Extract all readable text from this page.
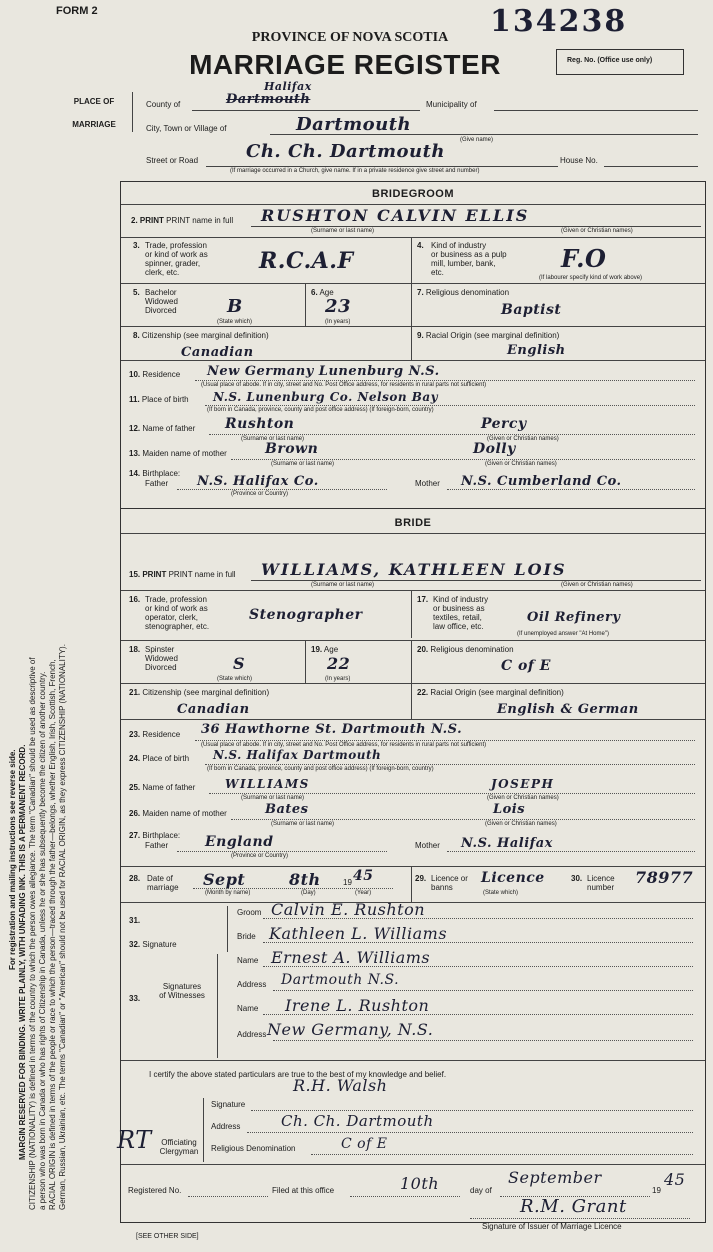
FORM 2	134238
PROVINCE OF NOVA SCOTIA
MARRIAGE REGISTER	Reg. No. (Office use only)
PLACE OF
MARRIAGE
County of	Dartmouth
Halifax
Municipality of
City, Town or Village of	Dartmouth
(Give name)
Street or Road	Ch. Ch. Dartmouth	House No.
(If marriage occurred in a Church, give name. If in a private residence give street and number)
For registration and mailing instructions see reverse side. MARGIN RESERVED FOR BINDING. WRITE PLAINLY, WITH UNFADING INK. THIS IS A PERMANENT RECORD. CITIZENSHIP (NATIONALITY) is defined in terms of the country to which the person owes allegiance. The term "Canadian" should be used as descriptive of a person who was born in Canada or who has rights of Citizenship in Canada, unless he or she has subsequently become the citizen of another country. RACIAL ORIGIN is defined in terms of the people or race to which the person—traced through the father—belongs, whether English, Irish, Scottish, French, German, Russian, Ukrainian, etc. The terms "Canadian" or "American" should not be used for RACIAL ORIGIN, as they express CITIZENSHIP (NATIONALITY).
BRIDEGROOM
2. PRINT PRINT name in full RUSHTON CALVIN ELLIS
(Surname or last name)	(Given or Christian names)
3. Trade, profession
or kind of work as
spinner, grader,
clerk, etc.	R.C.A.F
4. Kind of industry
or business as a pulp
mill, lumber, bank,
etc.	F.O
(If labourer specify kind of work above)
5. Bachelor
Widowed
Divorced	B
(State which)
6. Age
23
(In years)
7. Religious denomination
Baptist
8. Citizenship (see marginal definition)
Canadian
9. Racial Origin (see marginal definition)
English
10. Residence New Germany Lunenburg N.S.
(Usual place of abode. If in city, street and No. Post Office address, for residents in rural parts not sufficient)
11. Place of birth N.S. Lunenburg Co. Nelson Bay
(If born in Canada, province, county and post office address) (If foreign-born, country)
12. Name of father Rushton	Percy
(Surname or last name)	(Given or Christian names)
13. Maiden name of mother	Brown	Dolly
(Surname or last name)	(Given or Christian names)
14. Birthplace:
Father N.S. Halifax Co.	Mother N.S. Cumberland Co.
(Province or Country)
BRIDE
15. PRINT PRINT name in full WILLIAMS, KATHLEEN LOIS
(Surname or last name)	(Given or Christian names)
16. Trade, profession
or kind of work as
operator, clerk,
stenographer, etc.
Stenographer
17. Kind of industry
or business as
textiles, retail,
law office, etc.
Oil Refinery
(If unemployed answer "At Home")
18. Spinster
Widowed
Divorced	S
(State which)
19. Age
22
(In years)
20. Religious denomination
C of E
21. Citizenship (see marginal definition)
Canadian
22. Racial Origin (see marginal definition)
English & German
23. Residence 36 Hawthorne St. Dartmouth N.S.
(Usual place of abode. If in city, street and No. Post Office address, for residents in rural parts not sufficient)
24. Place of birth N.S. Halifax Dartmouth
(If born in Canada, province, county and post office address) (If foreign-born, country)
25. Name of father WILLIAMS	JOSEPH
(Surname or last name)	(Given or Christian names)
26. Maiden name of mother	Bates	Lois
(Surname or last name)	(Given or Christian names)
27. Birthplace:
Father	England	Mother N.S. Halifax
(Province or Country)
28. Date of marriage	Sept	8th	19 45
(Month by name)	(Day)	(Year)
29. Licence or banns
Licence
(State which)
30. Licence number
78977
31.
32. Signature
Groom Calvin E. Rushton
Bride Kathleen L. Williams
33.
Signatures
of Witnesses
Name Ernest A. Williams
Address Dartmouth N.S.
Name Irene L. Rushton
Address New Germany, N.S.
I certify the above stated particulars are true to the best of my knowledge and belief.
R.H. Walsh
RT	Officiating
Clergyman
Signature
Address	Ch. Ch. Dartmouth
Religious Denomination	C of E
Registered No.	Filed at this office	10th	day of
September
19
45
R.M. Grant
Signature of Issuer of Marriage Licence
[SEE OTHER SIDE]
